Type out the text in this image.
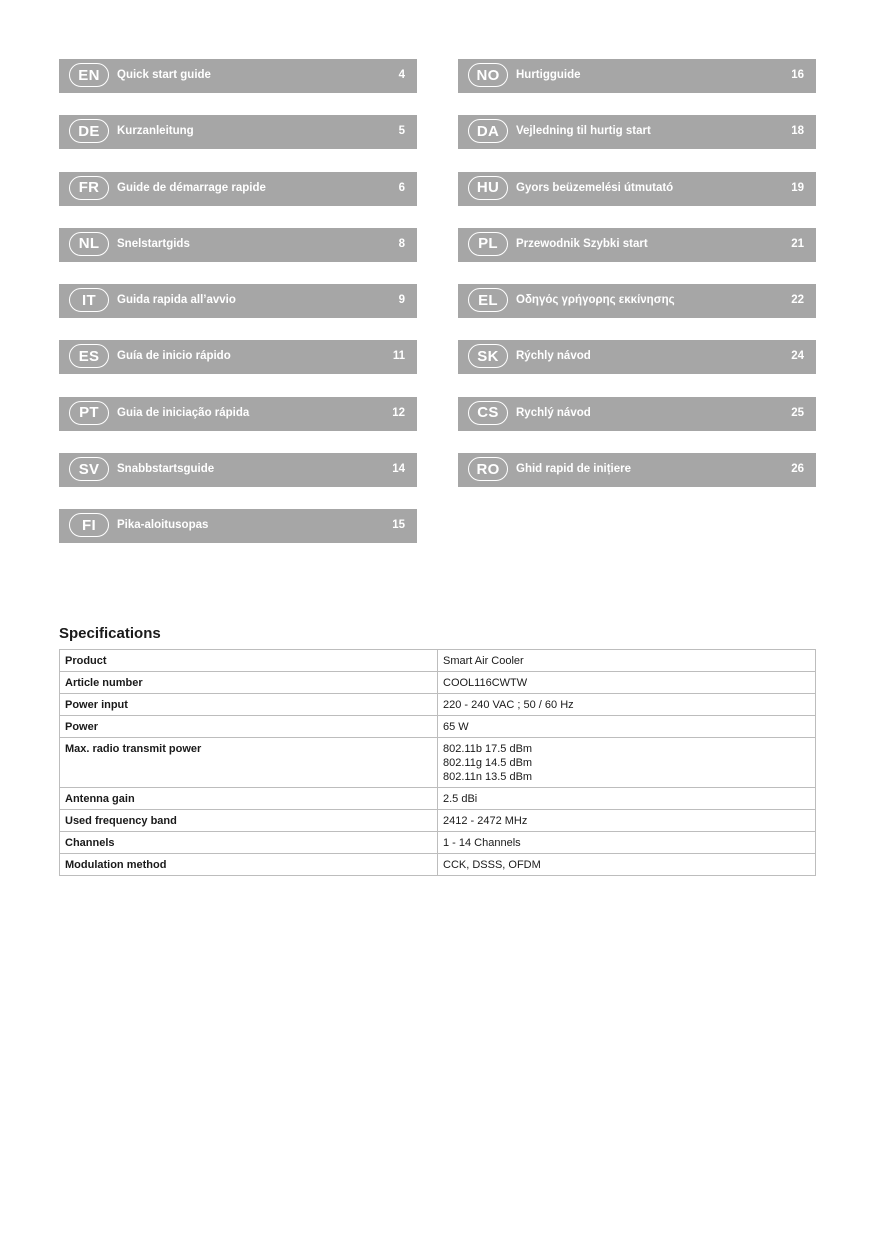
EN	Quick start guide	4
DE	Kurzanleitung	5
FR	Guide de démarrage rapide	6
NL	Snelstartgids	8
IT	Guida rapida all’avvio	9
ES	Guía de inicio rápido	11
PT	Guia de iniciação rápida	12
SV	Snabbstartsguide	14
FI	Pika-aloitusopas	15
NO	Hurtigguide	16
DA	Vejledning til hurtig start	18
HU	Gyors beüzemelési útmutató	19
PL	Przewodnik Szybki start	21
EL	Οδηγός γρήγορης εκκίνησης	22
SK	Rýchly návod	24
CS	Rychlý návod	25
RO	Ghid rapid de inițiere	26
Specifications
Product	Smart Air Cooler
Article number	COOL116CWTW
Power input	220 - 240 VAC ; 50 / 60 Hz
Power	65 W
Max. radio transmit power	802.11b 17.5 dBm
802.11g 14.5 dBm
802.11n 13.5 dBm

Antenna gain	2.5 dBi
Used frequency band	2412 - 2472 MHz
Channels	1 - 14 Channels
Modulation method	CCK, DSSS, OFDM
